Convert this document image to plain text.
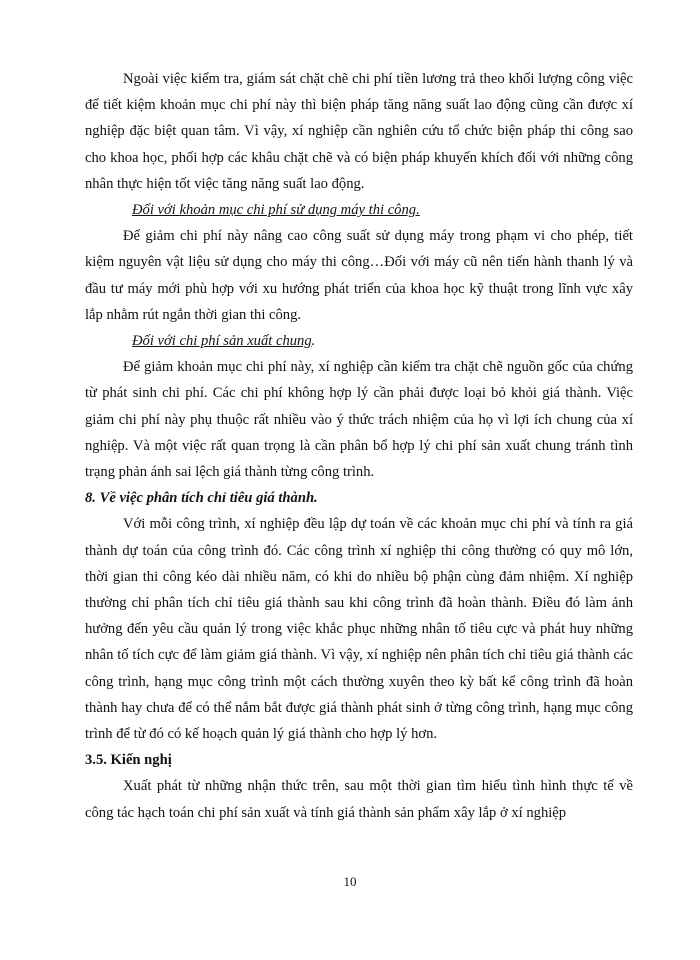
Ngoài việc kiểm tra, giám sát chặt chẽ chi phí tiền lương trả theo khối lượng công việc để tiết kiệm khoản mục chi phí này thì biện pháp tăng năng suất lao động cũng cần được xí nghiệp đặc biệt quan tâm. Vì vậy, xí nghiệp cần nghiên cứu tổ chức biện pháp thi công sao cho khoa học, phối hợp các khâu chặt chẽ và có biện pháp khuyến khích đối với những công nhân thực hiện tốt việc tăng năng suất lao động.

Đối với khoản mục chi phí sử dụng máy thi công.

Để giảm chi phí này nâng cao công suất sử dụng máy trong phạm vi cho phép, tiết kiệm nguyên vật liệu sử dụng cho máy thi công…Đối với máy cũ nên tiến hành thanh lý và đầu tư máy mới phù hợp với xu hướng phát triển của khoa học kỹ thuật trong lĩnh vực xây lắp nhằm rút ngắn thời gian thi công.

Đối với chi phí sản xuất chung.

Để giảm khoản mục chi phí này, xí nghiệp cần kiểm tra chặt chẽ nguồn gốc của chứng từ phát sinh chi phí. Các chi phí không hợp lý cần phải được loại bỏ khỏi giá thành. Việc giảm chi phí này phụ thuộc rất nhiều vào ý thức trách nhiệm của họ vì lợi ích chung của xí nghiệp. Và một việc rất quan trọng là cần phân bổ hợp lý chi phí sản xuất chung tránh tình trạng phản ánh sai lệch giá thành từng công trình.

8. Về việc phân tích chỉ tiêu giá thành.

Với mỗi công trình, xí nghiệp đều lập dự toán về các khoản mục chi phí và tính ra giá thành dự toán của công trình đó. Các công trình xí nghiệp thi công thường có quy mô lớn, thời gian thi công kéo dài nhiều năm, có khi do nhiều bộ phận cùng đảm nhiệm. Xí nghiệp thường chỉ phân tích chỉ tiêu giá thành sau khi công trình đã hoàn thành. Điều đó làm ảnh hưởng đến yêu cầu quản lý trong việc khắc phục những nhân tố tiêu cực và phát huy những nhân tố tích cực để làm giảm giá thành. Vì vậy, xí nghiệp nên phân tích chỉ tiêu giá thành các công trình, hạng mục công trình một cách thường xuyên theo kỳ bất kể công trình đã hoàn thành hay chưa để có thể nắm bắt được giá thành phát sinh ở từng công trình, hạng mục công trình để từ đó có kế hoạch quản lý giá thành cho hợp lý hơn.

3.5. Kiến nghị

Xuất phát từ những nhận thức trên, sau một thời gian tìm hiểu tình hình thực tế về công tác hạch toán chi phí sản xuất và tính giá thành sản phẩm xây lắp ở xí nghiệp

10
